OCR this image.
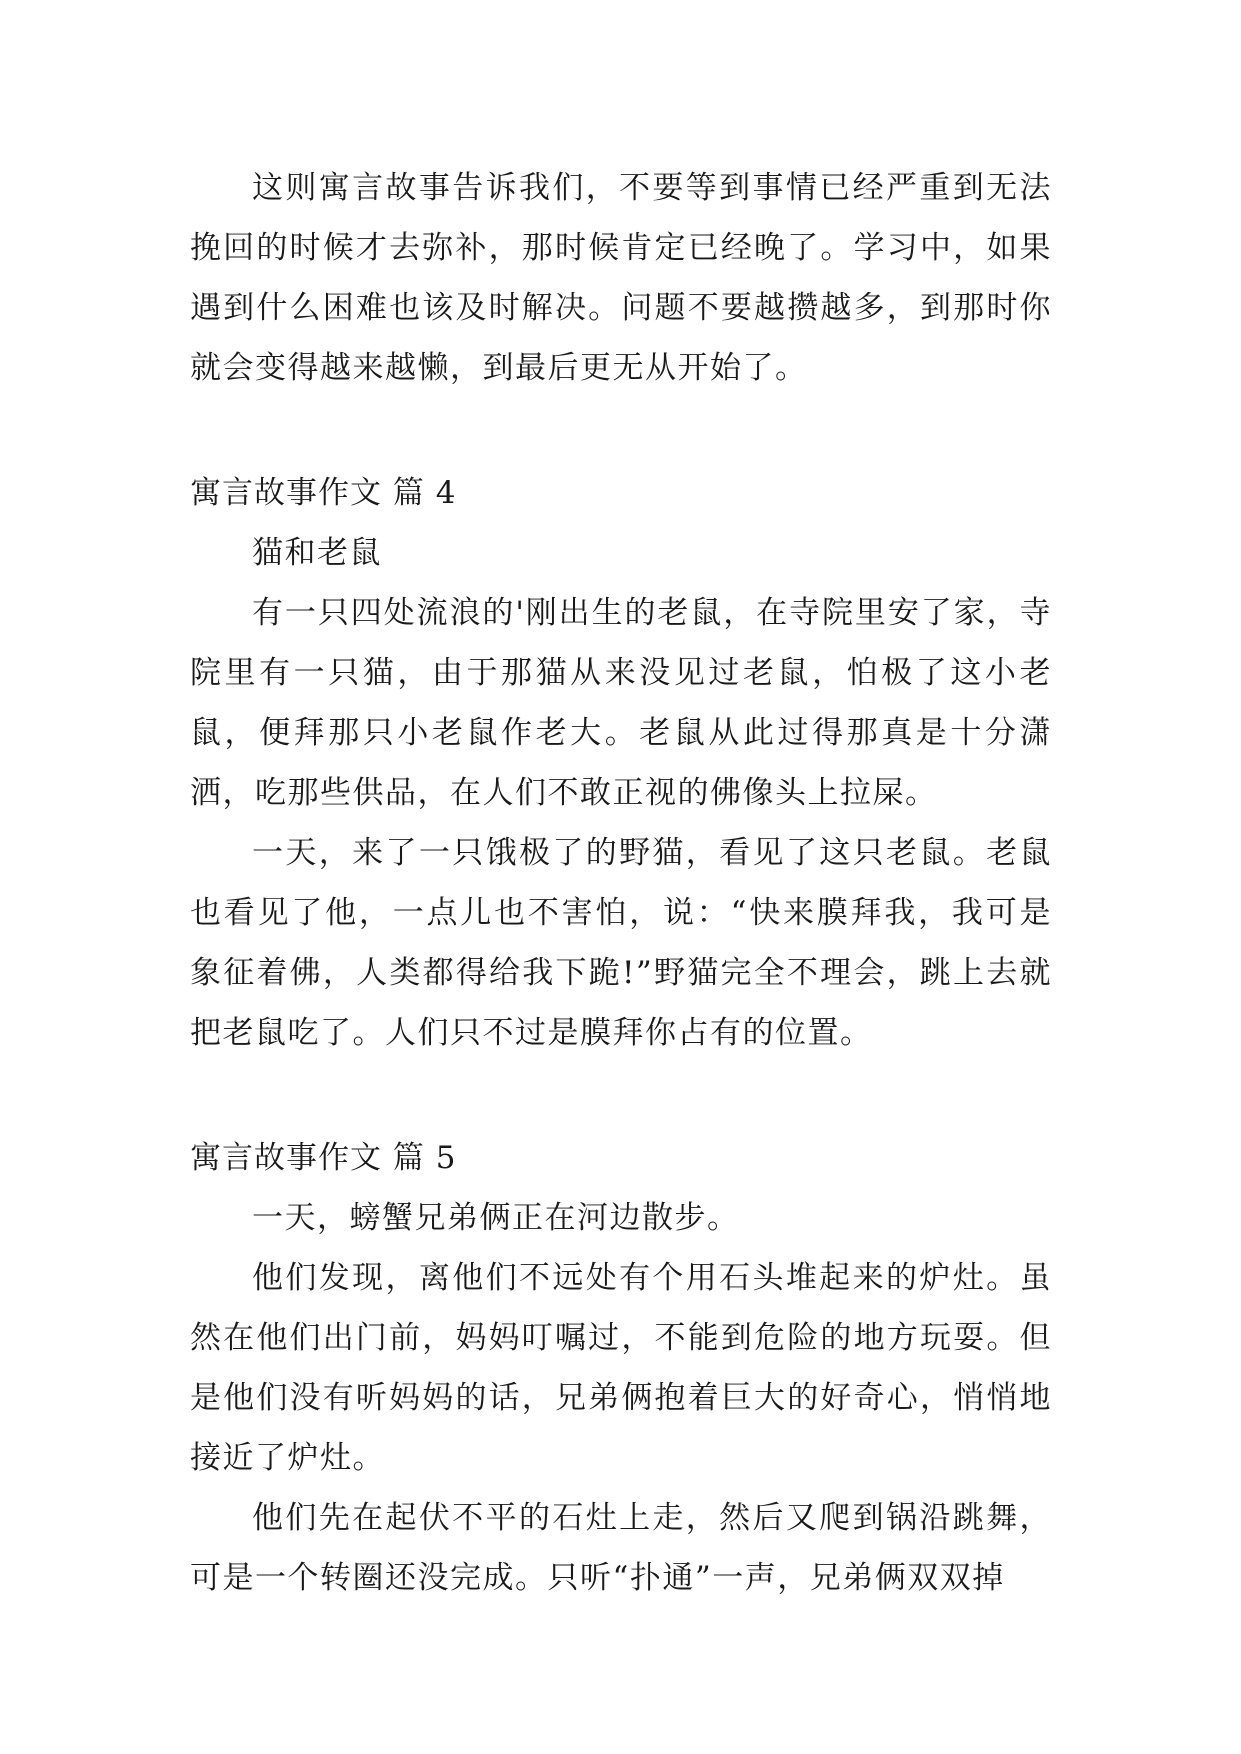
这则寓言故事告诉我们，不要等到事情已经严重到无法挽回的时候才去弥补，那时候肯定已经晚了。学习中，如果遇到什么困难也该及时解决。问题不要越攒越多，到那时你就会变得越来越懒，到最后更无从开始了。

寓言故事作文 篇 4

猫和老鼠

有一只四处流浪的'刚出生的老鼠，在寺院里安了家，寺院里有一只猫，由于那猫从来没见过老鼠，怕极了这小老鼠，便拜那只小老鼠作老大。老鼠从此过得那真是十分潇洒，吃那些供品，在人们不敢正视的佛像头上拉屎。

一天，来了一只饿极了的野猫，看见了这只老鼠。老鼠也看见了他，一点儿也不害怕，说：“快来膜拜我，我可是象征着佛，人类都得给我下跪!”野猫完全不理会，跳上去就把老鼠吃了。人们只不过是膜拜你占有的位置。

寓言故事作文 篇 5

一天，螃蟹兄弟俩正在河边散步。

他们发现，离他们不远处有个用石头堆起来的炉灶。虽然在他们出门前，妈妈叮嘱过，不能到危险的地方玩耍。但是他们没有听妈妈的话，兄弟俩抱着巨大的好奇心，悄悄地接近了炉灶。

他们先在起伏不平的石灶上走，然后又爬到锅沿跳舞，可是一个转圈还没完成。只听“扑通”一声，兄弟俩双双掉
